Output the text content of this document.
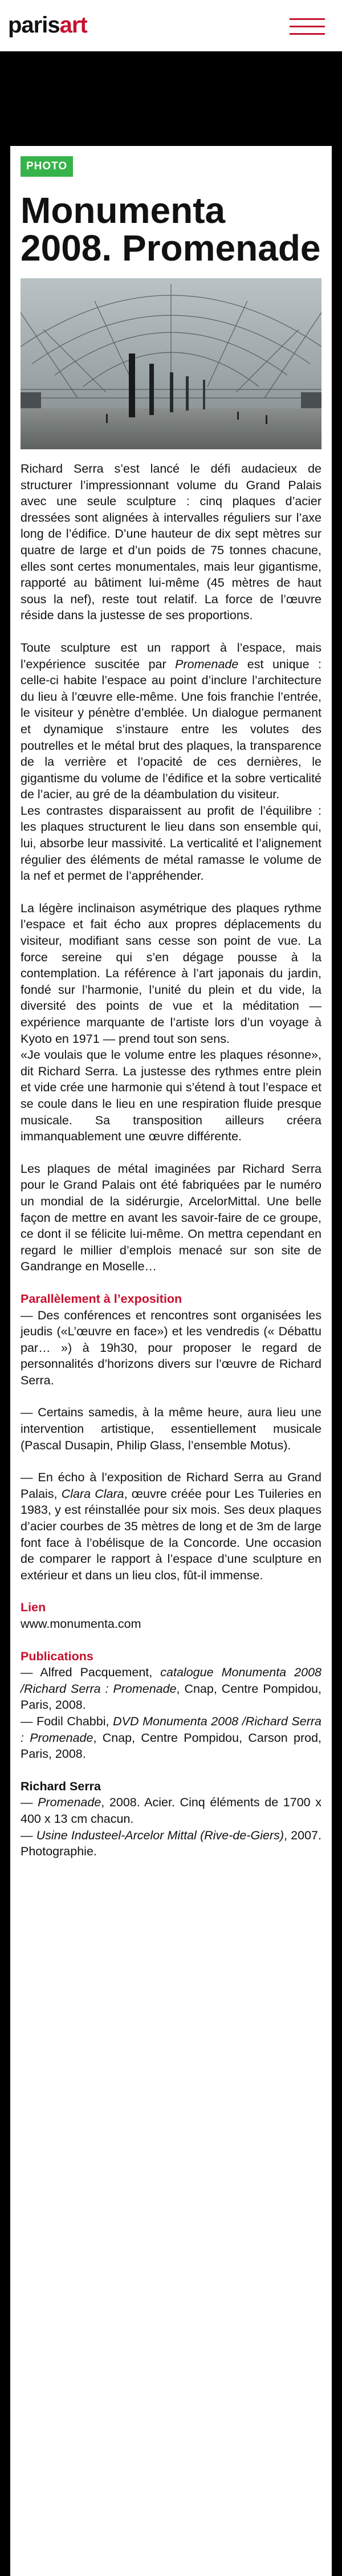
parisart
PHOTO
Monumenta 2008. Promenade

Richard Serra s’est lancé le défi audacieux de structurer l’impressionnant volume du Grand Palais avec une seule sculpture : cinq plaques d’acier dressées sont alignées à intervalles réguliers sur l’axe long de l’édifice. D’une hauteur de dix sept mètres sur quatre de large et d’un poids de 75 tonnes chacune, elles sont certes monumentales, mais leur gigantisme, rapporté au bâtiment lui-même (45 mètres de haut sous la nef), reste tout relatif. La force de l’œuvre réside dans la justesse de ses proportions.

Toute sculpture est un rapport à l’espace, mais l’expérience suscitée par Promenade est unique : celle-ci habite l’espace au point d’inclure l’architecture du lieu à l’œuvre elle-même. Une fois franchie l’entrée, le visiteur y pénètre d’emblée. Un dialogue permanent et dynamique s’instaure entre les volutes des poutrelles et le métal brut des plaques, la transparence de la verrière et l’opacité de ces dernières, le gigantisme du volume de l’édifice et la sobre verticalité de l’acier, au gré de la déambulation du visiteur.

Les contrastes disparaissent au profit de l’équilibre : les plaques structurent le lieu dans son ensemble qui, lui, absorbe leur massivité. La verticalité et l’alignement régulier des éléments de métal ramasse le volume de la nef et permet de l’appréhender.

La légère inclinaison asymétrique des plaques rythme l’espace et fait écho aux propres déplacements du visiteur, modifiant sans cesse son point de vue. La force sereine qui s’en dégage pousse à la contemplation. La référence à l’art japonais du jardin, fondé sur l’harmonie, l’unité du plein et du vide, la diversité des points de vue et la méditation — expérience marquante de l’artiste lors d’un voyage à Kyoto en 1971 — prend tout son sens.

«Je voulais que le volume entre les plaques résonne», dit Richard Serra. La justesse des rythmes entre plein et vide crée une harmonie qui s’étend à tout l’espace et se coule dans le lieu en une respiration fluide presque musicale. Sa transposition ailleurs créera immanquablement une œuvre différente.

Les plaques de métal imaginées par Richard Serra pour le Grand Palais ont été fabriquées par le numéro un mondial de la sidérurgie, ArcelorMittal. Une belle façon de mettre en avant les savoir-faire de ce groupe, ce dont il se félicite lui-même. On mettra cependant en regard le millier d’emplois menacé sur son site de Gandrange en Moselle…

Parallèlement à l’exposition

— Des conférences et rencontres sont organisées les jeudis («L’œuvre en face») et les vendredis (« Débattu par… ») à 19h30, pour proposer le regard de personnalités d’horizons divers sur l’œuvre de Richard Serra.

— Certains samedis, à la même heure, aura lieu une intervention artistique, essentiellement musicale (Pascal Dusapin, Philip Glass, l’ensemble Motus).

— En écho à l’exposition de Richard Serra au Grand Palais, Clara Clara, œuvre créée pour Les Tuileries en 1983, y est réinstallée pour six mois. Ses deux plaques d’acier courbes de 35 mètres de long et de 3m de large font face à l’obélisque de la Concorde. Une occasion de comparer le rapport à l’espace d’une sculpture en extérieur et dans un lieu clos, fût-il immense.

Lien

www.monumenta.com

Publications

— Alfred Pacquement, catalogue Monumenta 2008 /Richard Serra : Promenade, Cnap, Centre Pompidou, Paris, 2008.

— Fodil Chabbi, DVD Monumenta 2008 /Richard Serra : Promenade, Cnap, Centre Pompidou, Carson prod, Paris, 2008.

Richard Serra

— Promenade, 2008. Acier. Cinq éléments de 1700 x 400 x 13 cm chacun.

— Usine Industeel-Arcelor Mittal (Rive-de-Giers), 2007. Photographie.
